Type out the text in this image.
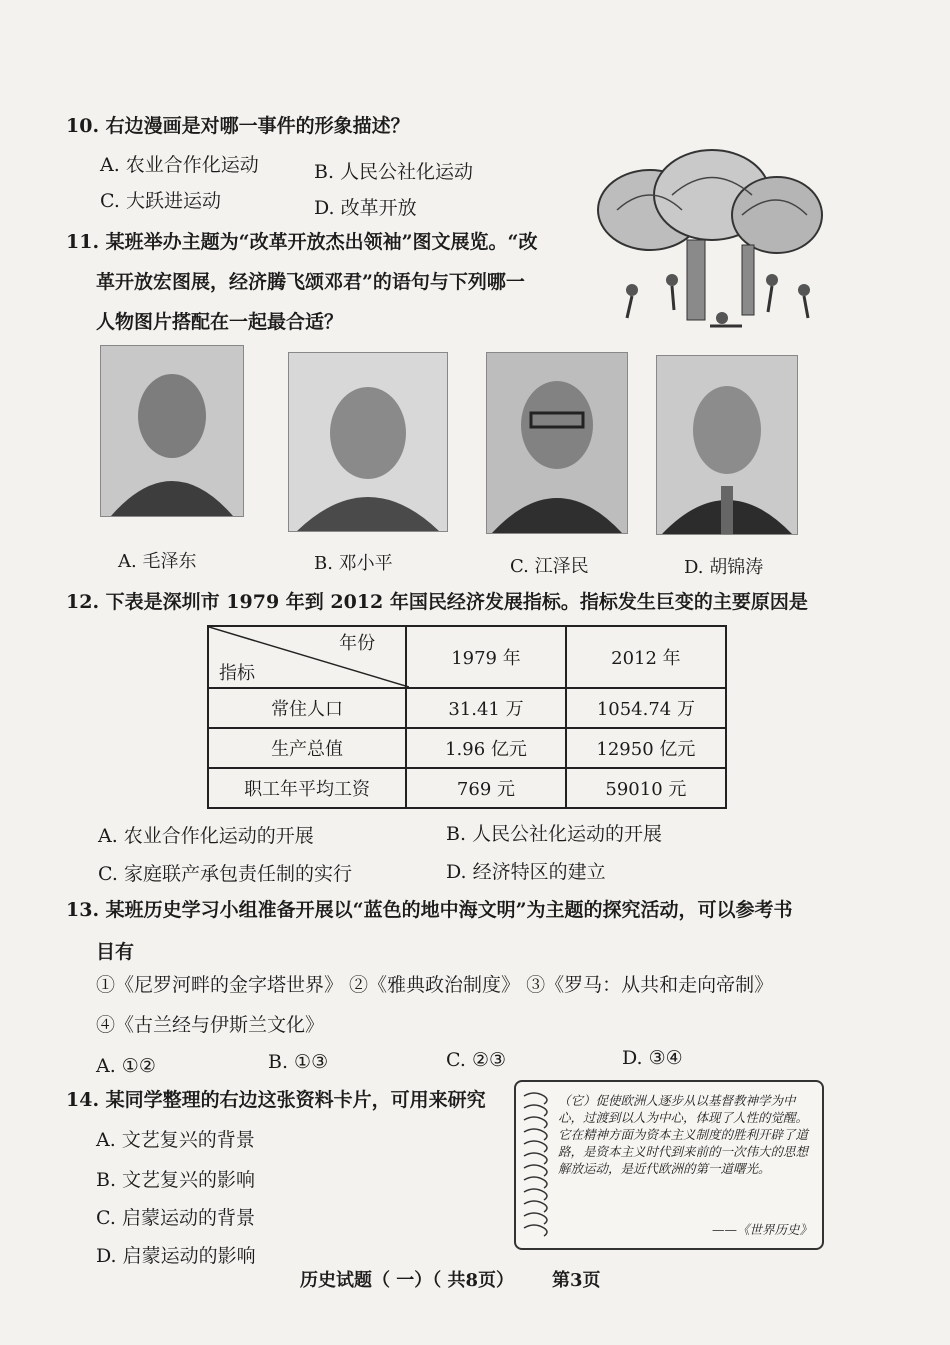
10. 右边漫画是对哪一事件的形象描述？
A. 农业合作化运动	B. 人民公社化运动
C. 大跃进运动	D. 改革开放
11. 某班举办主题为“改革开放杰出领袖”图文展览。“改
革开放宏图展，经济腾飞颂邓君”的语句与下列哪一
人物图片搭配在一起最合适？
A. 毛泽东	B. 邓小平	C. 江泽民	D. 胡锦涛
12. 下表是深圳市 1979 年到 2012 年国民经济发展指标。指标发生巨变的主要原因是
年份
指标	1979 年	2012 年
常住人口	31.41 万	1054.74 万
生产总值	1.96 亿元	12950 亿元
职工年平均工资	769 元	59010 元
A. 农业合作化运动的开展	B. 人民公社化运动的开展
C. 家庭联产承包责任制的实行	D. 经济特区的建立
13. 某班历史学习小组准备开展以“蓝色的地中海文明”为主题的探究活动，可以参考书
目有
①《尼罗河畔的金字塔世界》 ②《雅典政治制度》 ③《罗马：从共和走向帝制》
④《古兰经与伊斯兰文化》
A. ①②	B. ①③	C. ②③	D. ③④
14. 某同学整理的右边这张资料卡片，可用来研究
A. 文艺复兴的背景
B. 文艺复兴的影响
C. 启蒙运动的背景
D. 启蒙运动的影响
（它）促使欧洲人逐步从以基督教神学为中心，过渡到以人为中心，体现了人性的觉醒。它在精神方面为资本主义制度的胜利开辟了道路，是资本主义时代到来前的一次伟大的思想解放运动，是近代欧洲的第一道曙光。
——《世界历史》
历史试题（ 一）（ 共8页） 第3页
